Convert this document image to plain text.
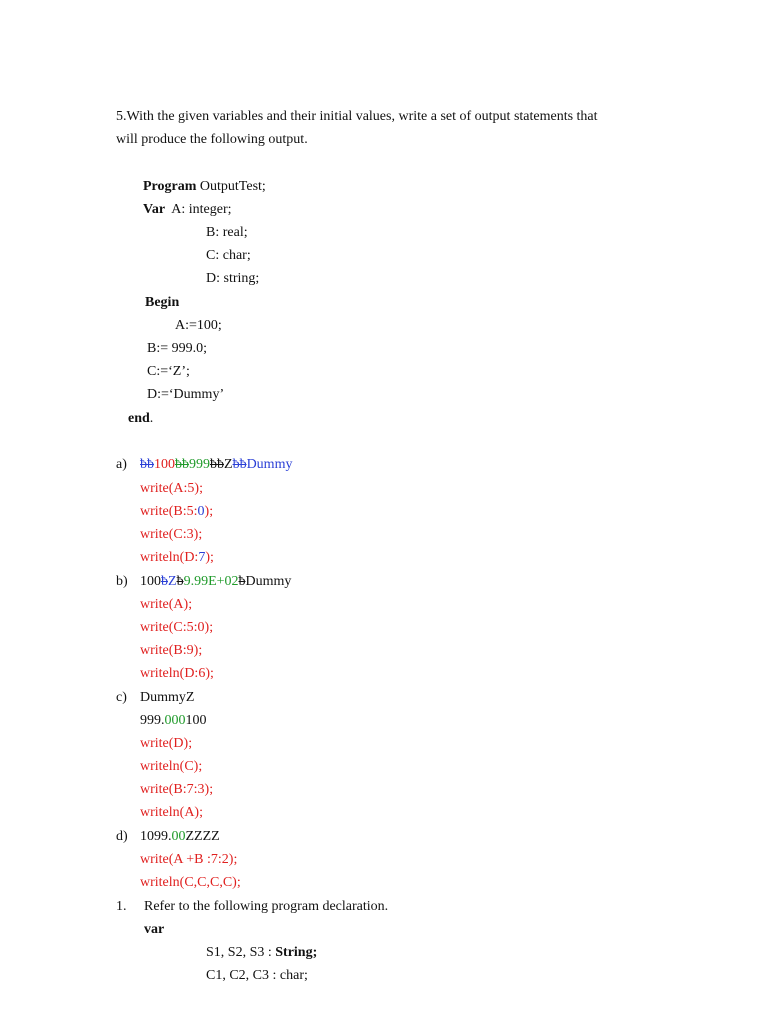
5.With the given variables and their initial values, write a set of output statements that
will produce the following output.
Program OutputTest;
Var  A: integer;
B: real;
C: char;
D: string;
Begin
A:=100;
B:= 999.0;
C:=‘Z’;
D:=‘Dummy’
end.
a) ƀƀ100ƀƀ999ƀƀZƀƀDummy
write(A:5);
write(B:5:0);
write(C:3);
writeln(D:7);
b) 100ƀZƀ9.99E+02ƀDummy
write(A);
write(C:5:0);
write(B:9);
writeln(D:6);
c) DummyZ
999.000100
write(D);
writeln(C);
write(B:7:3);
writeln(A);
d) 1099.00ZZZZ
write(A +B :7:2);
writeln(C,C,C,C);
1. Refer to the following program declaration.
var
S1, S2, S3 : String;
C1, C2, C3 : char;
